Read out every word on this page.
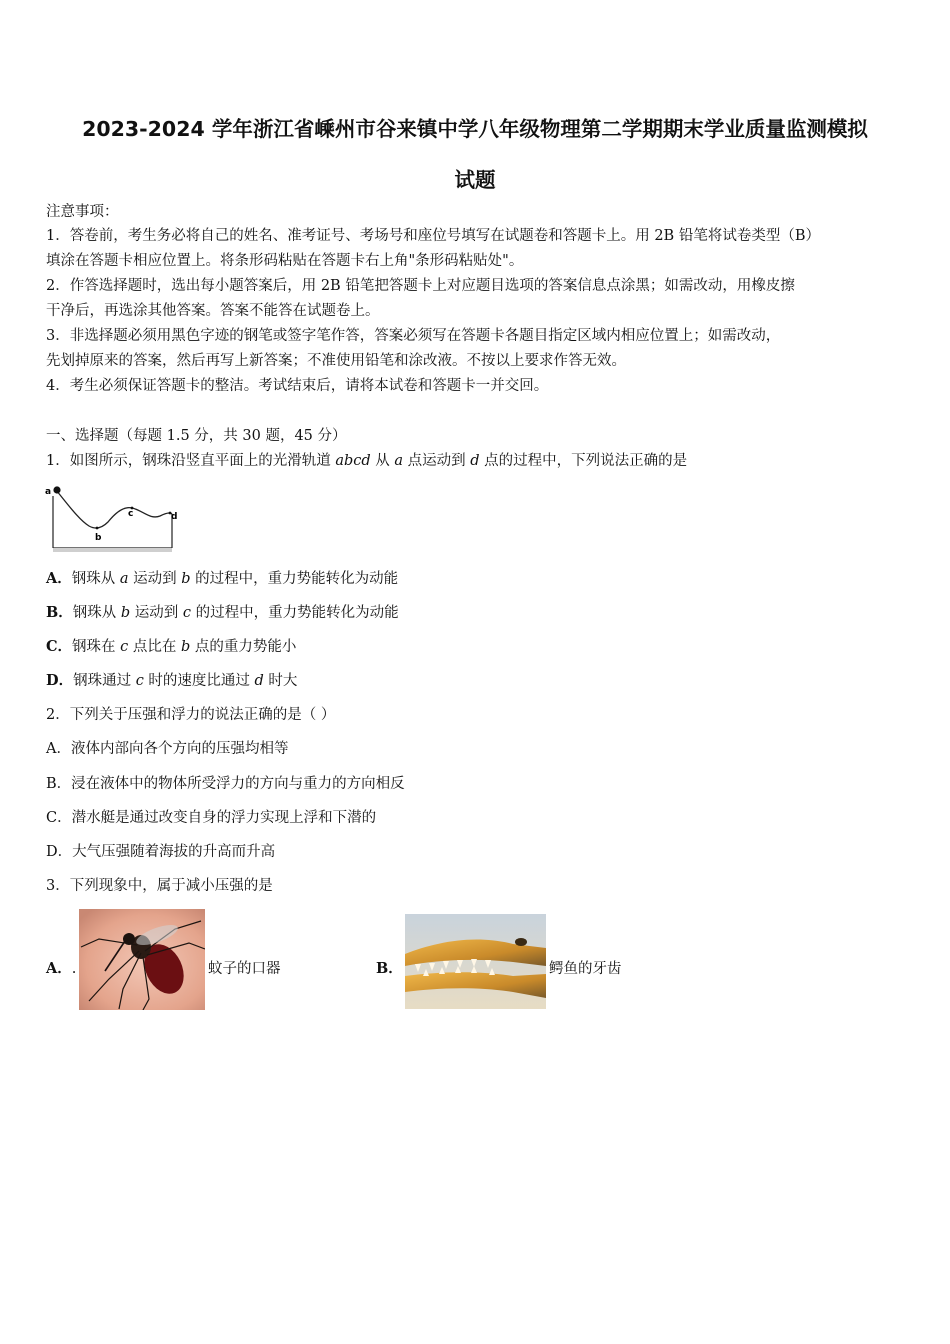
2023-2024 学年浙江省嵊州市谷来镇中学八年级物理第二学期期末学业质量监测模拟
试题
注意事项：
1．答卷前，考生务必将自己的姓名、准考证号、考场号和座位号填写在试题卷和答题卡上。用 2B 铅笔将试卷类型（B）
填涂在答题卡相应位置上。将条形码粘贴在答题卡右上角"条形码粘贴处"。
2．作答选择题时，选出每小题答案后，用 2B 铅笔把答题卡上对应题目选项的答案信息点涂黑；如需改动，用橡皮擦
干净后，再选涂其他答案。答案不能答在试题卷上。
3．非选择题必须用黑色字迹的钢笔或签字笔作答，答案必须写在答题卡各题目指定区域内相应位置上；如需改动，
先划掉原来的答案，然后再写上新答案；不准使用铅笔和涂改液。不按以上要求作答无效。
4．考生必须保证答题卡的整洁。考试结束后，请将本试卷和答题卡一并交回。
一、选择题（每题 1.5 分，共 30 题，45 分）
1．如图所示，钢珠沿竖直平面上的光滑轨道 abcd 从 a 点运动到 d 点的过程中，下列说法正确的是
a
b
c	d
A．钢珠从 a 运动到 b 的过程中，重力势能转化为动能
B．钢珠从 b 运动到 c 的过程中，重力势能转化为动能
C．钢珠在 c 点比在 b 点的重力势能小
D．钢珠通过 c 时的速度比通过 d 时大
2．下列关于压强和浮力的说法正确的是（ ）
A．液体内部向各个方向的压强均相等
B．浸在液体中的物体所受浮力的方向与重力的方向相反
C．潜水艇是通过改变自身的浮力实现上浮和下潜的
D．大气压强随着海拔的升高而升高
3．下列现象中，属于减小压强的是
A．.	蚊子的口器	B．	鳄鱼的牙齿
